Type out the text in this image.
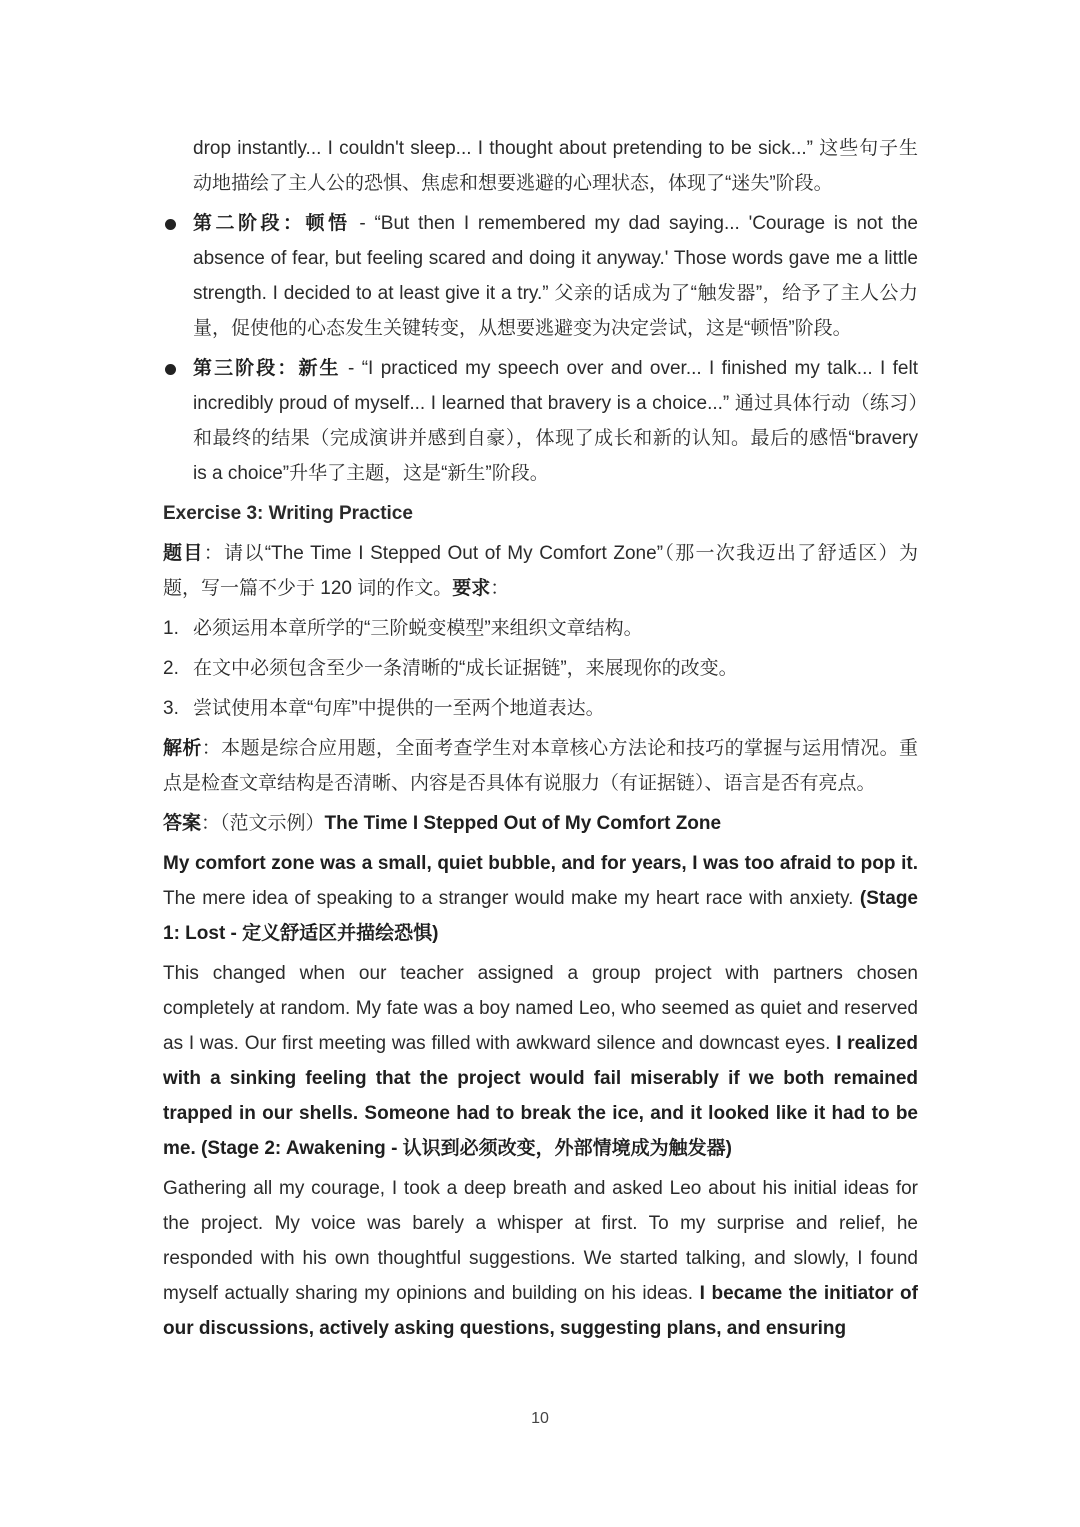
drop instantly... I couldn't sleep... I thought about pretending to be sick...” 这些句子生动地描绘了主人公的恐惧、焦虑和想要逃避的心理状态，体现了“迷失”阶段。

第二阶段：顿悟 - “But then I remembered my dad saying... 'Courage is not the absence of fear, but feeling scared and doing it anyway.' Those words gave me a little strength. I decided to at least give it a try.” 父亲的话成为了“触发器”，给予了主人公力量，促使他的心态发生关键转变，从想要逃避变为决定尝试，这是“顿悟”阶段。
第三阶段：新生 - “I practiced my speech over and over... I finished my talk... I felt incredibly proud of myself... I learned that bravery is a choice...” 通过具体行动（练习）和最终的结果（完成演讲并感到自豪），体现了成长和新的认知。最后的感悟“bravery is a choice”升华了主题，这是“新生”阶段。
Exercise 3: Writing Practice

题目：请以“The Time I Stepped Out of My Comfort Zone”（那一次我迈出了舒适区）为题，写一篇不少于 120 词的作文。要求：

1. 必须运用本章所学的“三阶蜕变模型”来组织文章结构。
2. 在文中必须包含至少一条清晰的“成长证据链”，来展现你的改变。
3. 尝试使用本章“句库”中提供的一至两个地道表达。

解析：本题是综合应用题，全面考查学生对本章核心方法论和技巧的掌握与运用情况。重点是检查文章结构是否清晰、内容是否具体有说服力（有证据链）、语言是否有亮点。

答案：（范文示例）The Time I Stepped Out of My Comfort Zone

My comfort zone was a small, quiet bubble, and for years, I was too afraid to pop it. The mere idea of speaking to a stranger would make my heart race with anxiety. (Stage 1: Lost - 定义舒适区并描绘恐惧)

This changed when our teacher assigned a group project with partners chosen completely at random. My fate was a boy named Leo, who seemed as quiet and reserved as I was. Our first meeting was filled with awkward silence and downcast eyes. I realized with a sinking feeling that the project would fail miserably if we both remained trapped in our shells. Someone had to break the ice, and it looked like it had to be me. (Stage 2: Awakening - 认识到必须改变，外部情境成为触发器)

Gathering all my courage, I took a deep breath and asked Leo about his initial ideas for the project. My voice was barely a whisper at first. To my surprise and relief, he responded with his own thoughtful suggestions. We started talking, and slowly, I found myself actually sharing my opinions and building on his ideas. I became the initiator of our discussions, actively asking questions, suggesting plans, and ensuring

10
